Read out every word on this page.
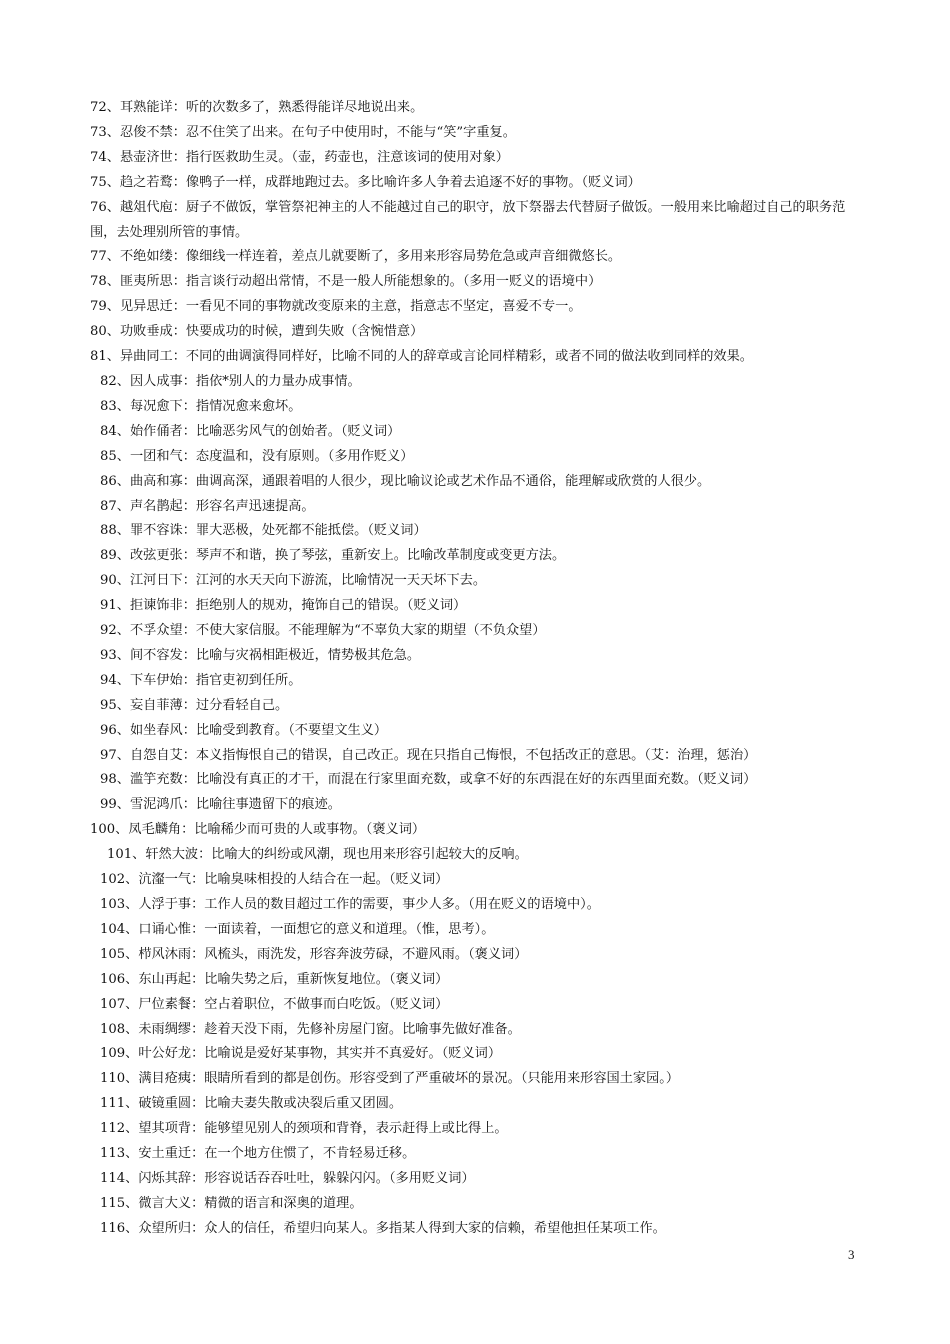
72、耳熟能详：听的次数多了，熟悉得能详尽地说出来。

73、忍俊不禁：忍不住笑了出来。在句子中使用时，不能与“笑”字重复。

74、悬壶济世：指行医救助生灵。（壶，药壶也，注意该词的使用对象）

75、趋之若鹜：像鸭子一样，成群地跑过去。多比喻许多人争着去追逐不好的事物。（贬义词）

76、越俎代庖：厨子不做饭，掌管祭祀神主的人不能越过自己的职守，放下祭器去代替厨子做饭。一般用来比喻超过自己的职务范围，去处理别所管的事情。

77、不绝如缕：像细线一样连着，差点儿就要断了，多用来形容局势危急或声音细微悠长。

78、匪夷所思：指言谈行动超出常情，不是一般人所能想象的。（多用一贬义的语境中）

79、见异思迁：一看见不同的事物就改变原来的主意，指意志不坚定，喜爱不专一。

80、功败垂成：快要成功的时候，遭到失败（含惋惜意）

81、异曲同工：不同的曲调演得同样好，比喻不同的人的辞章或言论同样精彩，或者不同的做法收到同样的效果。

82、因人成事：指依*别人的力量办成事情。

83、每况愈下：指情况愈来愈坏。

84、始作俑者：比喻恶劣风气的创始者。（贬义词）

85、一团和气：态度温和，没有原则。（多用作贬义）

86、曲高和寡：曲调高深，通跟着唱的人很少，现比喻议论或艺术作品不通俗，能理解或欣赏的人很少。

87、声名鹊起：形容名声迅速提高。

88、罪不容诛：罪大恶极，处死都不能抵偿。（贬义词）

89、改弦更张：琴声不和谐，换了琴弦，重新安上。比喻改革制度或变更方法。

90、江河日下：江河的水天天向下游流，比喻情况一天天坏下去。

91、拒谏饰非：拒绝别人的规劝，掩饰自己的错误。（贬义词）

92、不孚众望：不使大家信服。不能理解为“不辜负大家的期望（不负众望）

93、间不容发：比喻与灾祸相距极近，情势极其危急。

94、下车伊始：指官吏初到任所。

95、妄自菲薄：过分看轻自己。

96、如坐春风：比喻受到教育。（不要望文生义）

97、自怨自艾：本义指悔恨自己的错误，自己改正。现在只指自己悔恨，不包括改正的意思。（艾：治理，惩治）

98、滥竽充数：比喻没有真正的才干，而混在行家里面充数，或拿不好的东西混在好的东西里面充数。（贬义词）

99、雪泥鸿爪：比喻往事遗留下的痕迹。

100、凤毛麟角：比喻稀少而可贵的人或事物。（褒义词）

101、轩然大波：比喻大的纠纷或风潮，现也用来形容引起较大的反响。

102、沆瀣一气：比喻臭味相投的人结合在一起。（贬义词）

103、人浮于事：工作人员的数目超过工作的需要，事少人多。（用在贬义的语境中）。

104、口诵心惟：一面读着，一面想它的意义和道理。（惟，思考）。

105、栉风沐雨：风梳头，雨洗发，形容奔波劳碌，不避风雨。（褒义词）

106、东山再起：比喻失势之后，重新恢复地位。（褒义词）

107、尸位素餐：空占着职位，不做事而白吃饭。（贬义词）

108、未雨绸缪：趁着天没下雨，先修补房屋门窗。比喻事先做好准备。

109、叶公好龙：比喻说是爱好某事物，其实并不真爱好。（贬义词）

110、满目疮痍：眼睛所看到的都是创伤。形容受到了严重破坏的景况。（只能用来形容国土家园。）

111、破镜重圆：比喻夫妻失散或决裂后重又团圆。

112、望其项背：能够望见别人的颈项和背脊，表示赶得上或比得上。

113、安土重迁：在一个地方住惯了，不肯轻易迁移。

114、闪烁其辞：形容说话吞吞吐吐，躲躲闪闪。（多用贬义词）

115、微言大义：精微的语言和深奥的道理。

116、众望所归：众人的信任，希望归向某人。多指某人得到大家的信赖，希望他担任某项工作。

3
